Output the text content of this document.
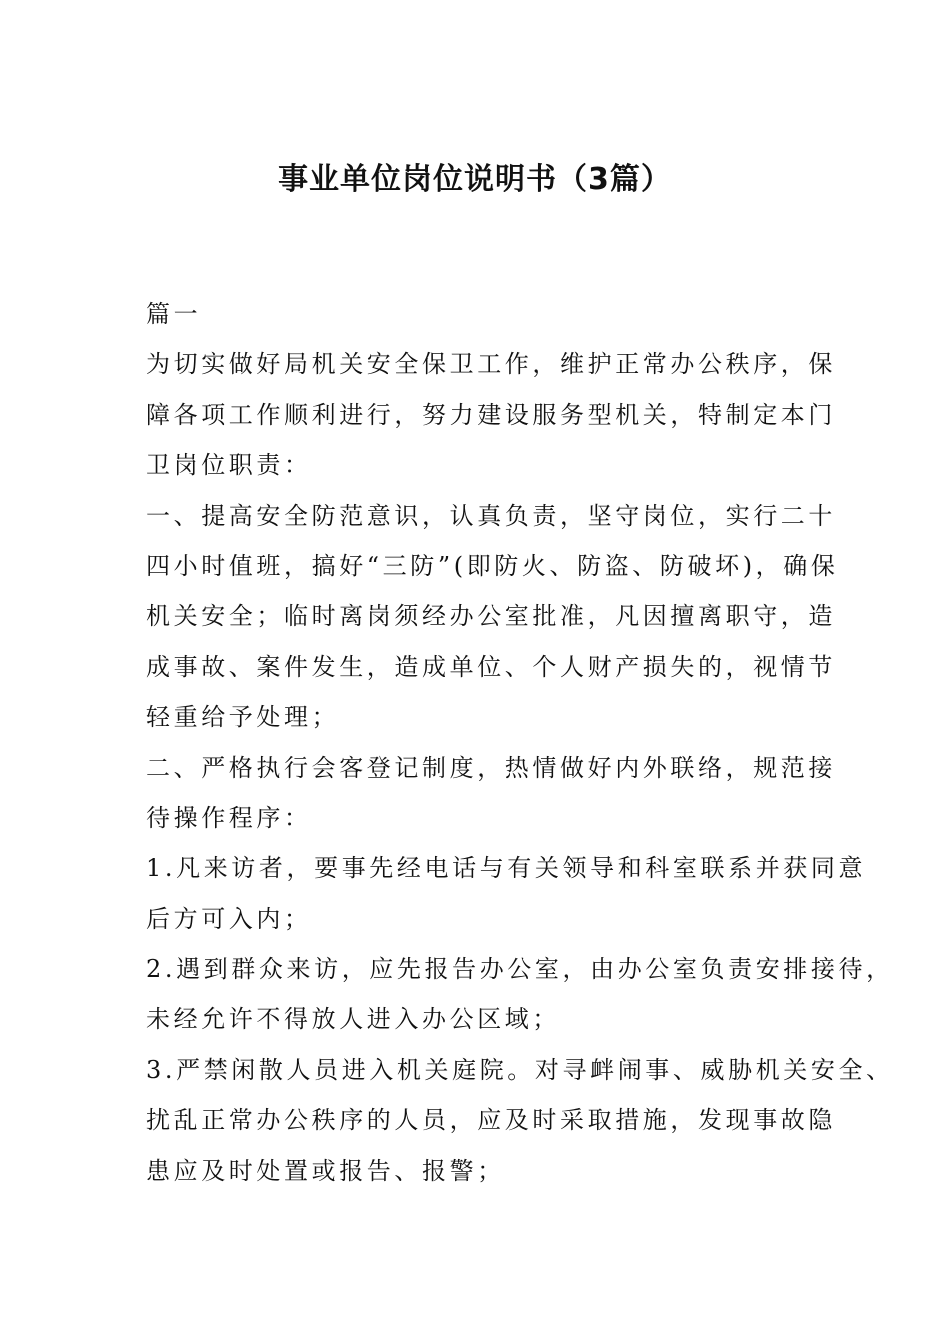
事业单位岗位说明书（3篇）
篇一
为切实做好局机关安全保卫工作，维护正常办公秩序，保
障各项工作顺利进行，努力建设服务型机关，特制定本门
卫岗位职责：
一、提高安全防范意识，认真负责，坚守岗位，实行二十
四小时值班，搞好“三防”(即防火、防盗、防破坏)，确保
机关安全；临时离岗须经办公室批准，凡因擅离职守，造
成事故、案件发生，造成单位、个人财产损失的，视情节
轻重给予处理；
二、严格执行会客登记制度，热情做好内外联络，规范接
待操作程序：
1.凡来访者，要事先经电话与有关领导和科室联系并获同意
后方可入内；
2.遇到群众来访，应先报告办公室，由办公室负责安排接待，
未经允许不得放人进入办公区域；
3.严禁闲散人员进入机关庭院。对寻衅闹事、威胁机关安全、
扰乱正常办公秩序的人员，应及时采取措施，发现事故隐
患应及时处置或报告、报警；
